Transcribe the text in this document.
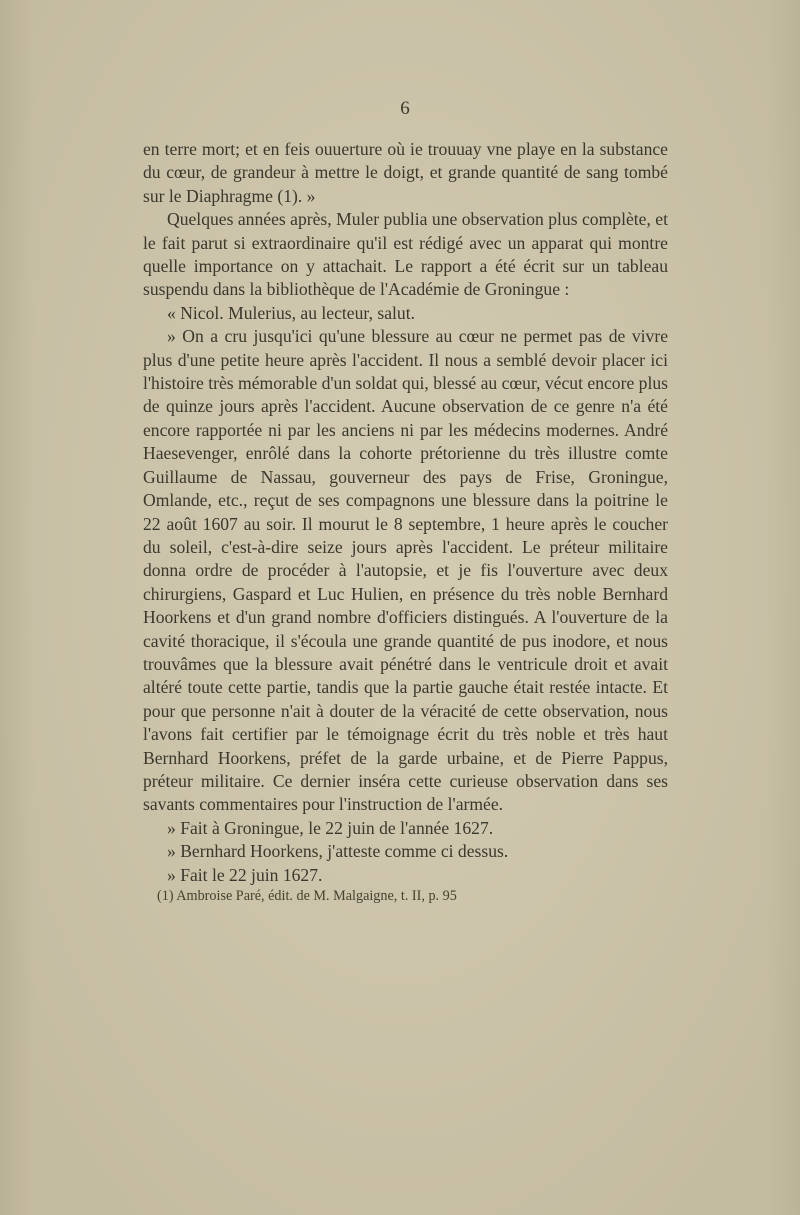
6

en terre mort; et en feis ouuerture où ie trouuay vne playe en la substance du cœur, de grandeur à mettre le doigt, et grande quantité de sang tombé sur le Diaphragme (1). »

Quelques années après, Muler publia une observation plus complète, et le fait parut si extraordinaire qu'il est rédigé avec un apparat qui montre quelle importance on y attachait. Le rapport a été écrit sur un tableau suspendu dans la bibliothèque de l'Académie de Groningue :

« Nicol. Mulerius, au lecteur, salut.

» On a cru jusqu'ici qu'une blessure au cœur ne permet pas de vivre plus d'une petite heure après l'accident. Il nous a semblé devoir placer ici l'histoire très mémorable d'un soldat qui, blessé au cœur, vécut encore plus de quinze jours après l'accident. Aucune observation de ce genre n'a été encore rapportée ni par les anciens ni par les médecins modernes. André Haesevenger, enrôlé dans la cohorte prétorienne du très illustre comte Guillaume de Nassau, gouverneur des pays de Frise, Groningue, Omlande, etc., reçut de ses compagnons une blessure dans la poitrine le 22 août 1607 au soir. Il mourut le 8 septembre, 1 heure après le coucher du soleil, c'est-à-dire seize jours après l'accident. Le préteur militaire donna ordre de procéder à l'autopsie, et je fis l'ouverture avec deux chirurgiens, Gaspard et Luc Hulien, en présence du très noble Bernhard Hoorkens et d'un grand nombre d'officiers distingués. A l'ouverture de la cavité thoracique, il s'écoula une grande quantité de pus inodore, et nous trouvâmes que la blessure avait pénétré dans le ventricule droit et avait altéré toute cette partie, tandis que la partie gauche était restée intacte. Et pour que personne n'ait à douter de la véracité de cette observation, nous l'avons fait certifier par le témoignage écrit du très noble et très haut Bernhard Hoorkens, préfet de la garde urbaine, et de Pierre Pappus, préteur militaire. Ce dernier inséra cette curieuse observation dans ses savants commentaires pour l'instruction de l'armée.

» Fait à Groningue, le 22 juin de l'année 1627.

» Bernhard Hoorkens, j'atteste comme ci dessus.

» Fait le 22 juin 1627.

(1) Ambroise Paré, édit. de M. Malgaigne, t. II, p. 95
